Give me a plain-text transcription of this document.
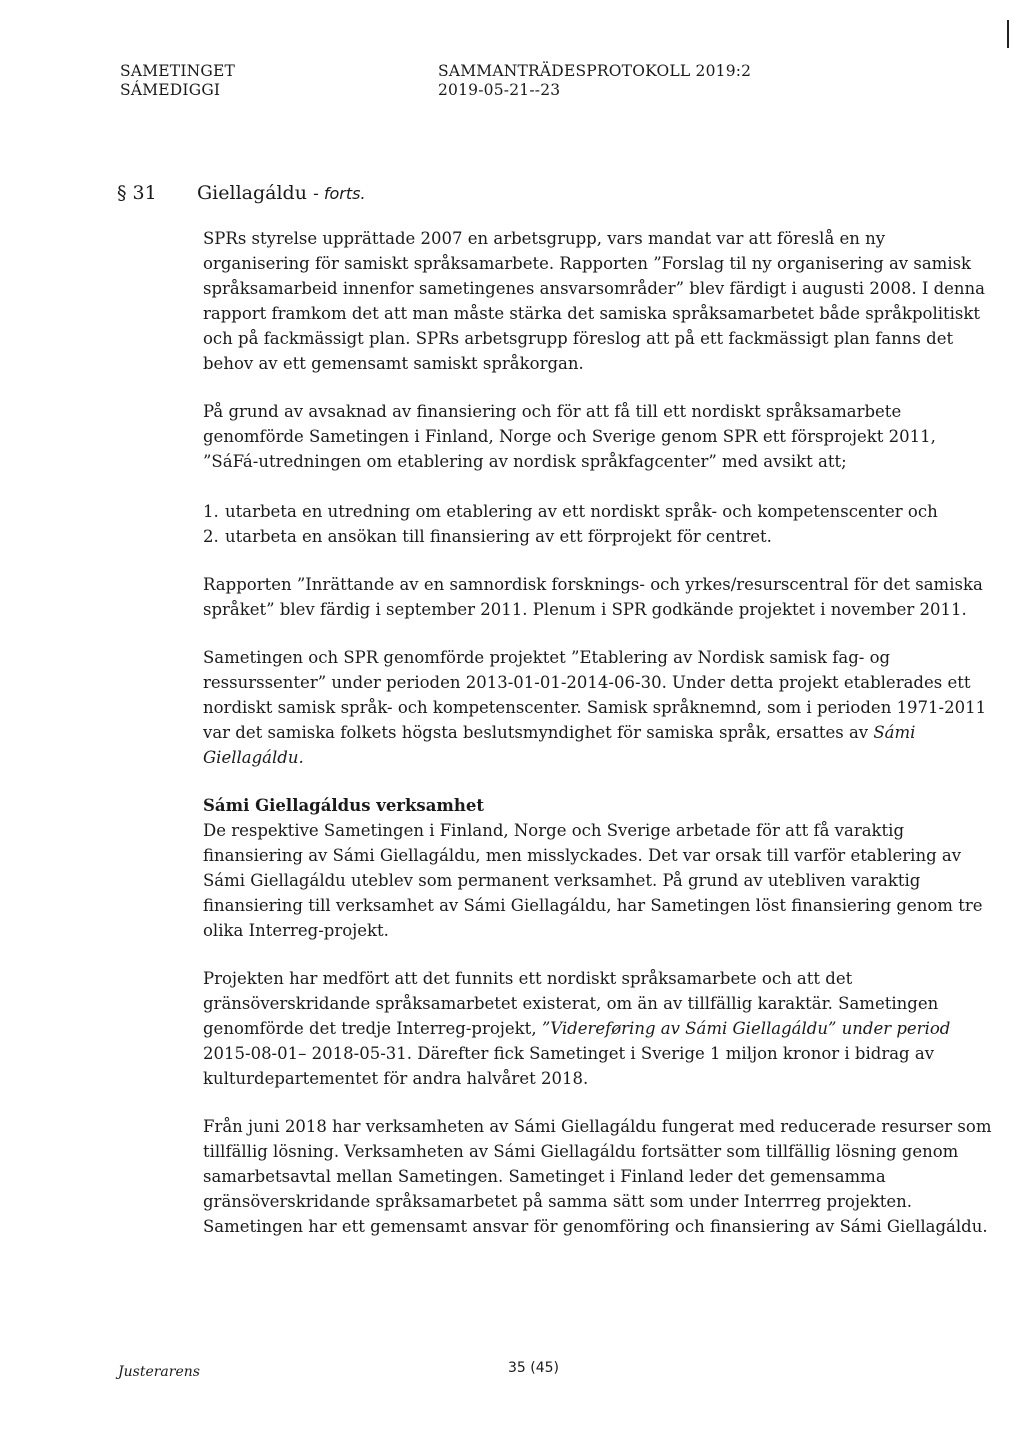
SAMETINGET
SÁMEDIGGI
SAMMANTRÄDESPROTOKOLL 2019:2
2019-05-21--23
§ 31 Giellagáldu - forts.

SPRs styrelse upprättade 2007 en arbetsgrupp, vars mandat var att föreslå en ny organisering för samiskt språksamarbete. Rapporten ”Forslag til ny organisering av samisk språksamarbeid innenfor sametingenes ansvarsområder” blev färdigt i augusti 2008. I denna rapport framkom det att man måste stärka det samiska språksamarbetet både språkpolitiskt och på fackmässigt plan. SPRs arbetsgrupp föreslog att på ett fackmässigt plan fanns det behov av ett gemensamt samiskt språkorgan.

På grund av avsaknad av finansiering och för att få till ett nordiskt språksamarbete genomförde Sametingen i Finland, Norge och Sverige genom SPR ett försprojekt 2011, ”SáFá-utredningen om etablering av nordisk språkfagcenter” med avsikt att;

1. utarbeta en utredning om etablering av ett nordiskt språk- och kompetenscenter och
2. utarbeta en ansökan till finansiering av ett förprojekt för centret.

Rapporten ”Inrättande av en samnordisk forsknings- och yrkes/resurscentral för det samiska språket” blev färdig i september 2011. Plenum i SPR godkände projektet i november 2011.

Sametingen och SPR genomförde projektet ”Etablering av Nordisk samisk fag- og ressurssenter” under perioden 2013-01-01-2014-06-30. Under detta projekt etablerades ett nordiskt samisk språk- och kompetenscenter. Samisk språknemnd, som i perioden 1971-2011 var det samiska folkets högsta beslutsmyndighet för samiska språk, ersattes av Sámi Giellagáldu.

Sámi Giellagáldus verksamhet

De respektive Sametingen i Finland, Norge och Sverige arbetade för att få varaktig finansiering av Sámi Giellagáldu, men misslyckades. Det var orsak till varför etablering av Sámi Giellagáldu uteblev som permanent verksamhet. På grund av utebliven varaktig finansiering till verksamhet av Sámi Giellagáldu, har Sametingen löst finansiering genom tre olika Interreg-projekt.

Projekten har medfört att det funnits ett nordiskt språksamarbete och att det gränsöverskridande språksamarbetet existerat, om än av tillfällig karaktär. Sametingen genomförde det tredje Interreg-projekt, ”Videreføring av Sámi Giellagáldu” under period 2015-08-01– 2018-05-31. Därefter fick Sametinget i Sverige 1 miljon kronor i bidrag av kulturdepartementet för andra halvåret 2018.

Från juni 2018 har verksamheten av Sámi Giellagáldu fungerat med reducerade resurser som tillfällig lösning. Verksamheten av Sámi Giellagáldu fortsätter som tillfällig lösning genom samarbetsavtal mellan Sametingen. Sametinget i Finland leder det gemensamma gränsöverskridande språksamarbetet på samma sätt som under Interrreg projekten. Sametingen har ett gemensamt ansvar för genomföring och finansiering av Sámi Giellagáldu.

Justerarens	35 (45)
